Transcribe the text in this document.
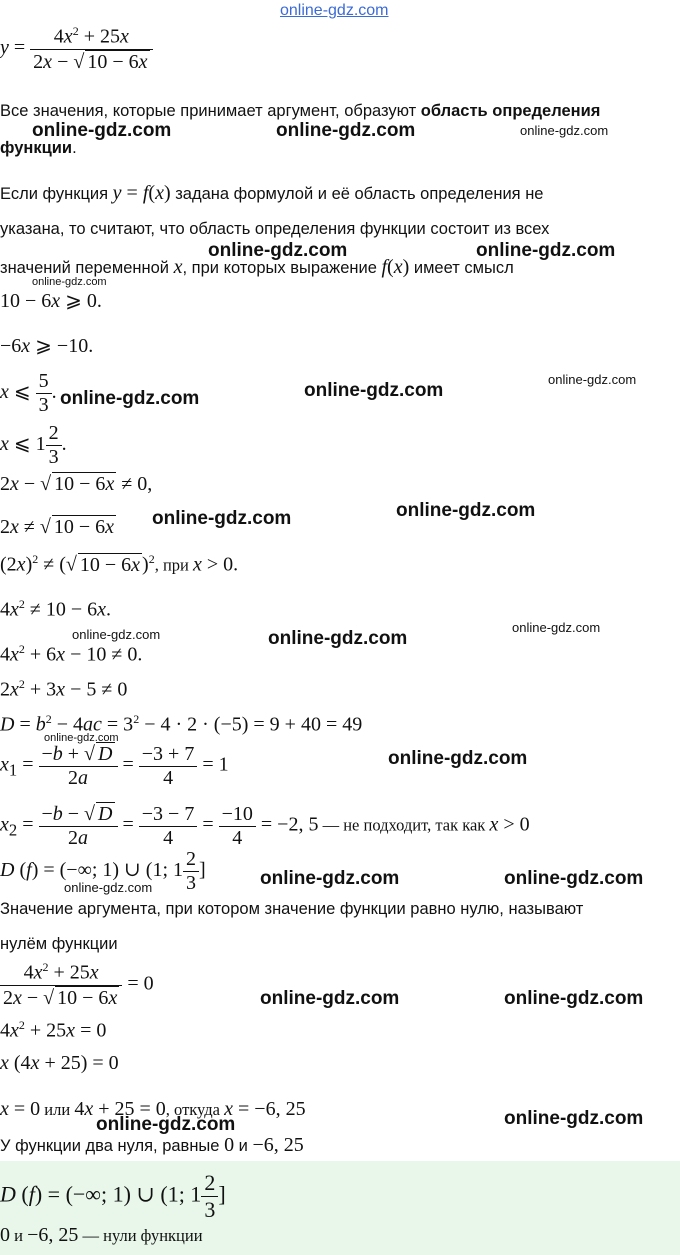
online-gdz.com
$y = \frac{4x^2 + 25x}{2x - √ 10 - 6x}$
Все значения, которые принимает аргумент, образуют область определения
функции.
Если функция y = f(x) задана формулой и её область определения не
указана, то считают, что область определения функции состоит из всех
значений переменной x, при которых выражение f(x) имеет смысл
10 − 6x ⩾ 0.
−6x ⩾ −10.
x ⩽ $\frac{5}{3}$ .
x ⩽ $1 \frac{2}{3}$ .
2x − √ 10 − 6x ≠ 0,
2x ≠ √ 10 − 6x
$(2x)^2$ ≠ (√ 10 − 6x )$^2$, при x > 0.
$4x^2 \ne 10 - 6x$.
$4x^2 + 6x - 10 \ne 0$.
$2x^2 + 3x - 5 \ne 0$
$D = b^2 - 4ac = 3^2 - 4 \cdot 2 \cdot (-5) = 9 + 40 = 49$
$x_1 = \frac{-b + √ D}{2a} = \frac{-3 + 7}{4} = 1$
$x_2 = \frac{-b - √ D}{2a} = \frac{-3 - 7}{4} = \frac{-10}{4} = -2$, 5 — не подходит, так как x > 0
D (f) = (−∞; 1) ∪ (1; $1 \frac{2}{3}$ ]
Значение аргумента, при котором значение функции равно нулю, называют
нулём функции
$\frac{4x^2 + 25x}{2x - √ 10 - 6x} = 0$
$4x^2 + 25x = 0$
x (4x + 25) = 0
x = 0 или 4x + 25 = 0, откуда x = −6, 25
У функции два нуля, равные 0 и −6, 25
D (f) = (−∞; 1) ∪ (1; $1 \frac{2}{3}$ ]
0 и −6, 25 — нули функции
online-gdz.com	online-gdz.com	online-gdz.com
online-gdz.com	online-gdz.com
online-gdz.com
online-gdz.com	online-gdz.com
online-gdz.com
online-gdz.com	online-gdz.com
online-gdz.com	online-gdz.com
online-gdz.com
online-gdz.com
online-gdz.com
online-gdz.com	online-gdz.com
online-gdz.com
online-gdz.com	online-gdz.com
online-gdz.com	online-gdz.com
